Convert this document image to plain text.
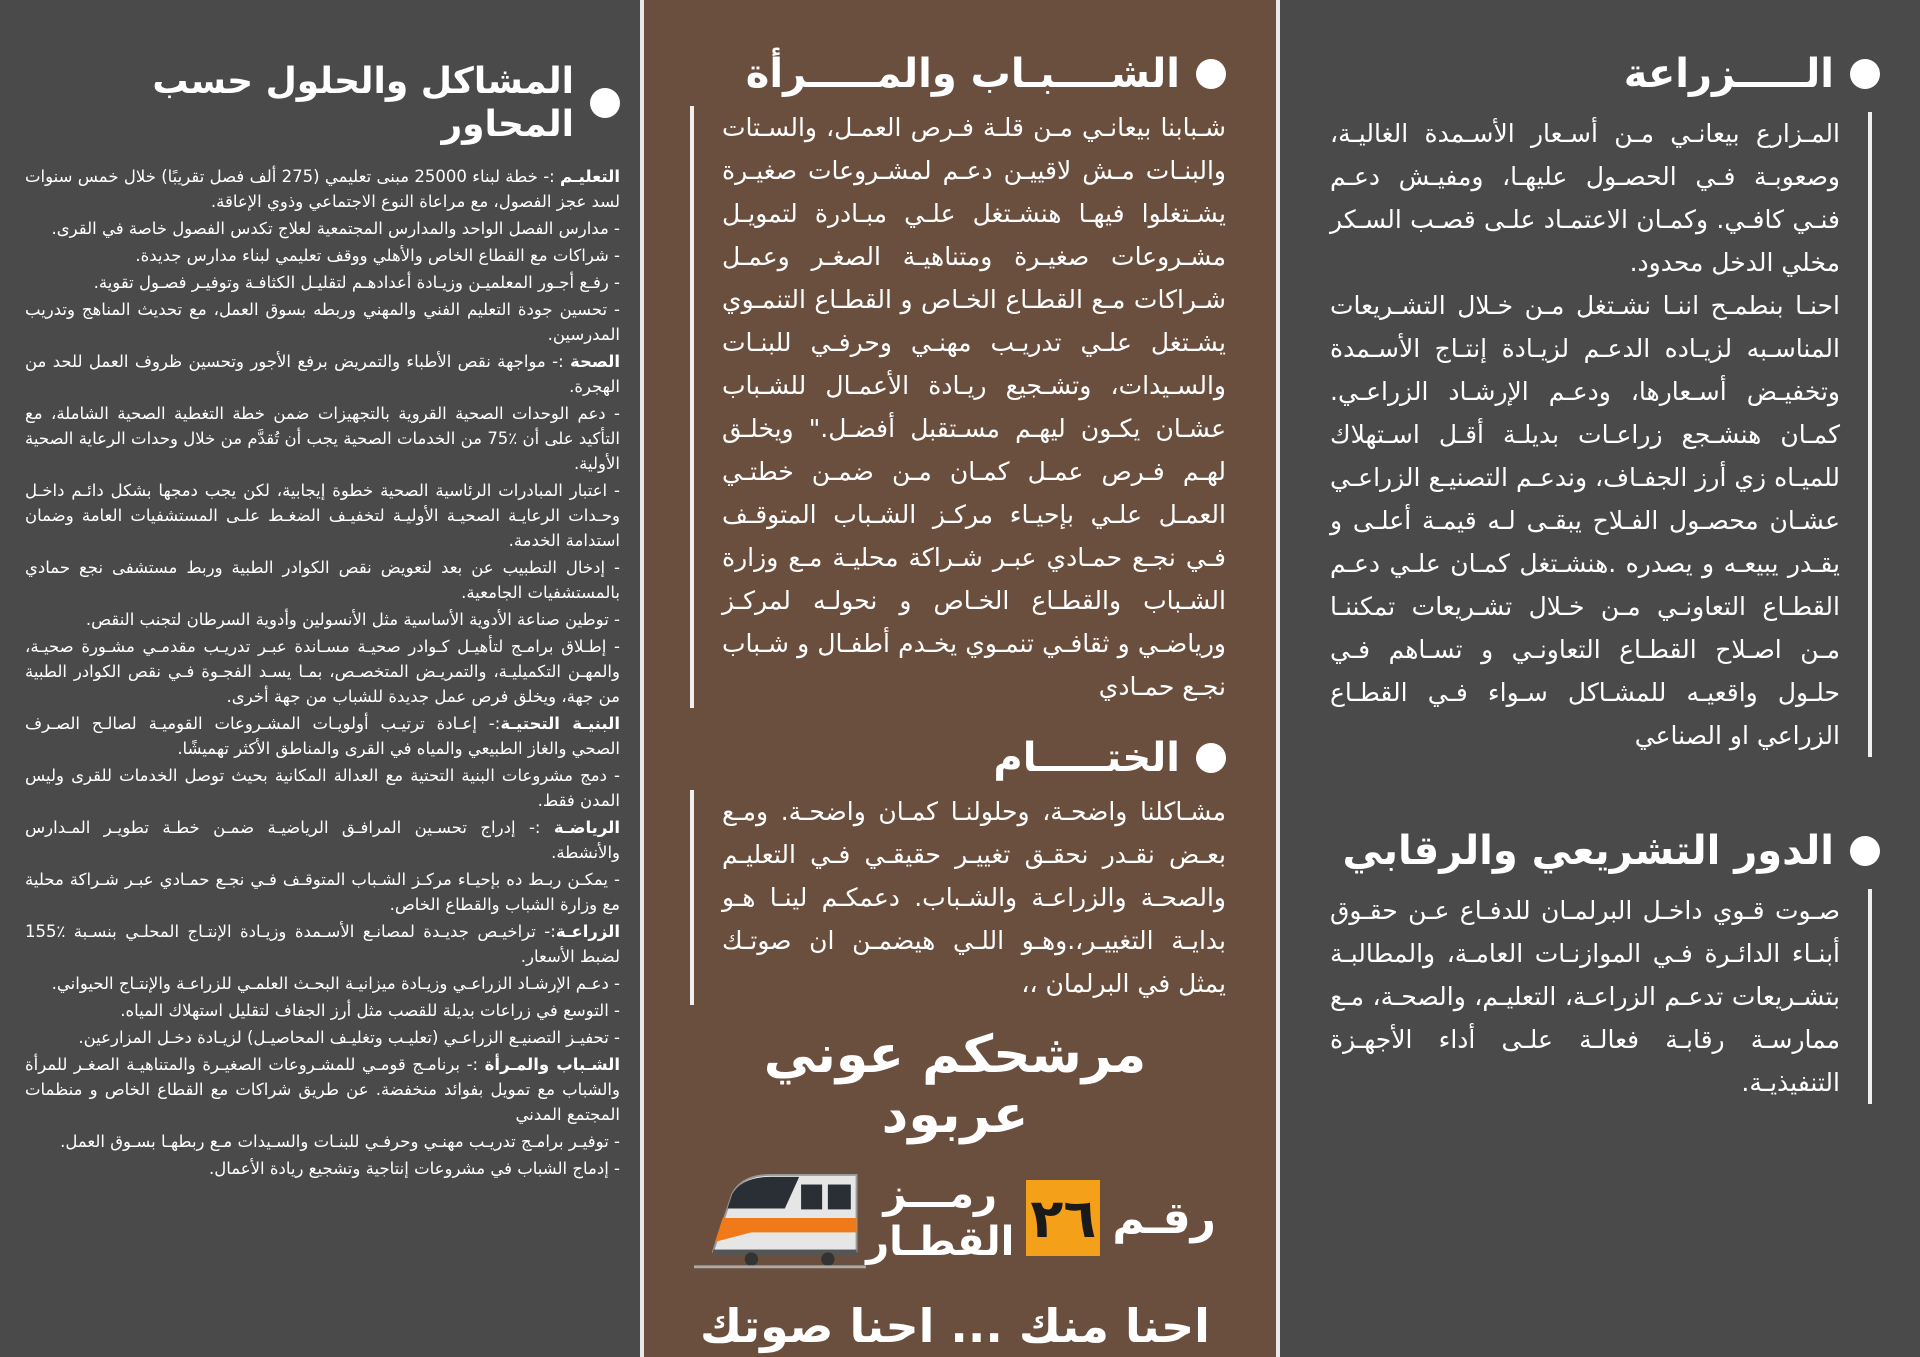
الـــــزراعة

المـزارع بيعانـي مـن أسـعار الأسـمدة الغاليـة، وصعوبـة فـي الحصـول عليهـا، ومفيـش دعـم فنـي كافـي. وكمـان الاعتمـاد علـى قصـب السـكر مخلي الدخل محدود.

احنـا بنطمـح اننـا نشـتغل مـن خـلال التشـريعات المناسـبه لزيـاده الدعـم لزيـادة إنتـاج الأسـمدة وتخفيـض أسـعارها، ودعـم الإرشـاد الزراعـي. كمـان هنشـجع زراعـات بديلـة أقـل اسـتهلاك للميـاه زي أرز الجفـاف، وندعـم التصنيـع الزراعـي عشـان محصـول الفـلاح يبقـى لـه قيمـة أعلـى و يقـدر يبيعـه و يصدره .هنشـتغل كمـان علـي دعـم القطـاع التعاونـي مـن خـلال تشـريعات تمكننـا مـن اصـلاح القطـاع التعاونـي و تسـاهم فـي حلـول واقعيـه للمشـاكل سـواء فـي القطـاع الزراعي او الصناعي

الدور التشريعي والرقابي

صـوت قـوي داخـل البرلمـان للدفـاع عـن حقـوق أبنـاء الدائـرة فـي الموازنـات العامـة، والمطالبـة بتشـريعات تدعـم الزراعـة، التعليـم، والصحـة، مـع ممارسـة رقابـة فعالـة علـى أداء الأجهـزة التنفيذيـة.

الشــــبـاب والمـــــرأة

شـبابنا بيعانـي مـن قلـة فـرص العمـل، والسـتات والبنـات مـش لاقييـن دعـم لمشـروعات صغيـرة يشـتغلوا فيهـا هنشـتغل علـي مبـادرة لتمويـل مشـروعات صغيـرة ومتناهيـة الصغـر وعمـل شـراكات مـع القطـاع الخـاص و القطـاع التنمـوي يشـتغل علـي تدريـب مهنـي وحرفـي للبنـات والسـيدات، وتشـجيع ريـادة الأعمـال للشـباب عشـان يكـون ليهـم مسـتقبل أفضـل." ويخلـق لهـم فـرص عمـل كمـان مـن ضمـن خطتـي العمـل علـي بإحيـاء مركـز الشـباب المتوقـف فـي نجـع حمـادي عبـر شـراكة محليـة مـع وزارة الشـباب والقطـاع الخـاص و نحولـه لمركـز ورياضـي و ثقافـي تنمـوي يخـدم أطفـال و شـباب نجـع حمـادي

الختـــــام

مشـاكلنا واضحـة، وحلولنـا كمـان واضحـة. ومـع بعـض نقـدر نحقـق تغييـر حقيقـي فـي التعليـم والصحـة والزراعـة والشـباب. دعمكـم لينـا هـو بدايـة التغييـر،.وهـو اللـي هيضمـن ان صوتـك يمثل في البرلمان ،،

مرشحكم عوني عربود
رقـم
٢٦
رمـــز
القطـار
احنا منك ... احنا صوتك
المشاكل والحلول حسب المحاور

التعليـم :- خطة لبناء 25000 مبنى تعليمي (275 ألف فصل تقريبًا) خلال خمس سنوات لسد عجز الفصول، مع مراعاة النوع الاجتماعي وذوي الإعاقة.

- مدارس الفصل الواحد والمدارس المجتمعية لعلاج تكدس الفصول خاصة في القرى.

- شراكات مع القطاع الخاص والأهلي ووقف تعليمي لبناء مدارس جديدة.

- رفـع أجـور المعلميـن وزيـادة أعدادهـم لتقليـل الكثافـة وتوفيـر فصـول تقوية.

- تحسين جودة التعليم الفني والمهني وربطه بسوق العمل، مع تحديث المناهج وتدريب المدرسين.

الصحة :- مواجهة نقص الأطباء والتمريض برفع الأجور وتحسين ظروف العمل للحد من الهجرة.

- دعم الوحدات الصحية القروية بالتجهيزات ضمن خطة التغطية الصحية الشاملة، مع التأكيد على أن ٪75 من الخدمات الصحية يجب أن تُقدَّم من خلال وحدات الرعاية الصحية الأولية.

- اعتبار المبادرات الرئاسية الصحية خطوة إيجابية، لكن يجب دمجها بشكل دائـم داخـل وحـدات الرعايـة الصحيـة الأوليـة لتخفيـف الضغـط علـى المستشفيات العامة وضمان استدامة الخدمة.

- إدخال التطبيب عن بعد لتعويض نقص الكوادر الطبية وربط مستشفى نجع حمادي بالمستشفيات الجامعية.

- توطين صناعة الأدوية الأساسية مثل الأنسولين وأدوية السرطان لتجنب النقص.

- إطـلاق برامـج لتأهيـل كـوادر صحيـة مسـاندة عبـر تدريـب مقدمـي مشـورة صحيـة، والمهـن التكميليـة، والتمريـض المتخصـص، بمـا يسـد الفجـوة فـي نقص الكوادر الطبية من جهة، ويخلق فرص عمل جديدة للشباب من جهة أخرى.

البنيـة التحتيـة:- إعـادة ترتيـب أولويـات المشـروعات القوميـة لصالـح الصـرف الصحي والغاز الطبيعي والمياه في القرى والمناطق الأكثر تهميشًا.

- دمج مشروعات البنية التحتية مع العدالة المكانية بحيث توصل الخدمات للقرى وليس المدن فقط.

الرياضـة :- إدراج تحسـين المرافـق الرياضيـة ضمـن خطـة تطويـر المـدارس والأنشطة.

- يمكـن ربـط ده بإحيـاء مركـز الشـباب المتوقـف فـي نجـع حمـادي عبـر شـراكة محلية مع وزارة الشباب والقطاع الخاص.

الزراعـة:- تراخيـص جديـدة لمصانـع الأسـمدة وزيـادة الإنتـاج المحلـي بنسـبة ٪155 لضبط الأسعار.

- دعـم الإرشـاد الزراعـي وزيـادة ميزانيـة البحـث العلمـي للزراعـة والإنتـاج الحيواني.

- التوسع في زراعات بديلة للقصب مثل أرز الجفاف لتقليل استهلاك المياه.

- تحفيـز التصنيـع الزراعـي (تعليـب وتغليـف المحاصيـل) لزيـادة دخـل المزارعين.

الشـباب والمـرأة :- برنامـج قومـي للمشـروعات الصغيـرة والمتناهيـة الصغـر للمرأة والشباب مع تمويل بفوائد منخفضة. عن طريق شراكات مع القطاع الخاص و منظمات المجتمع المدني

- توفيـر برامـج تدريـب مهنـي وحرفـي للبنـات والسـيدات مـع ربطهـا بسـوق العمل.

- إدماج الشباب في مشروعات إنتاجية وتشجيع ريادة الأعمال.
